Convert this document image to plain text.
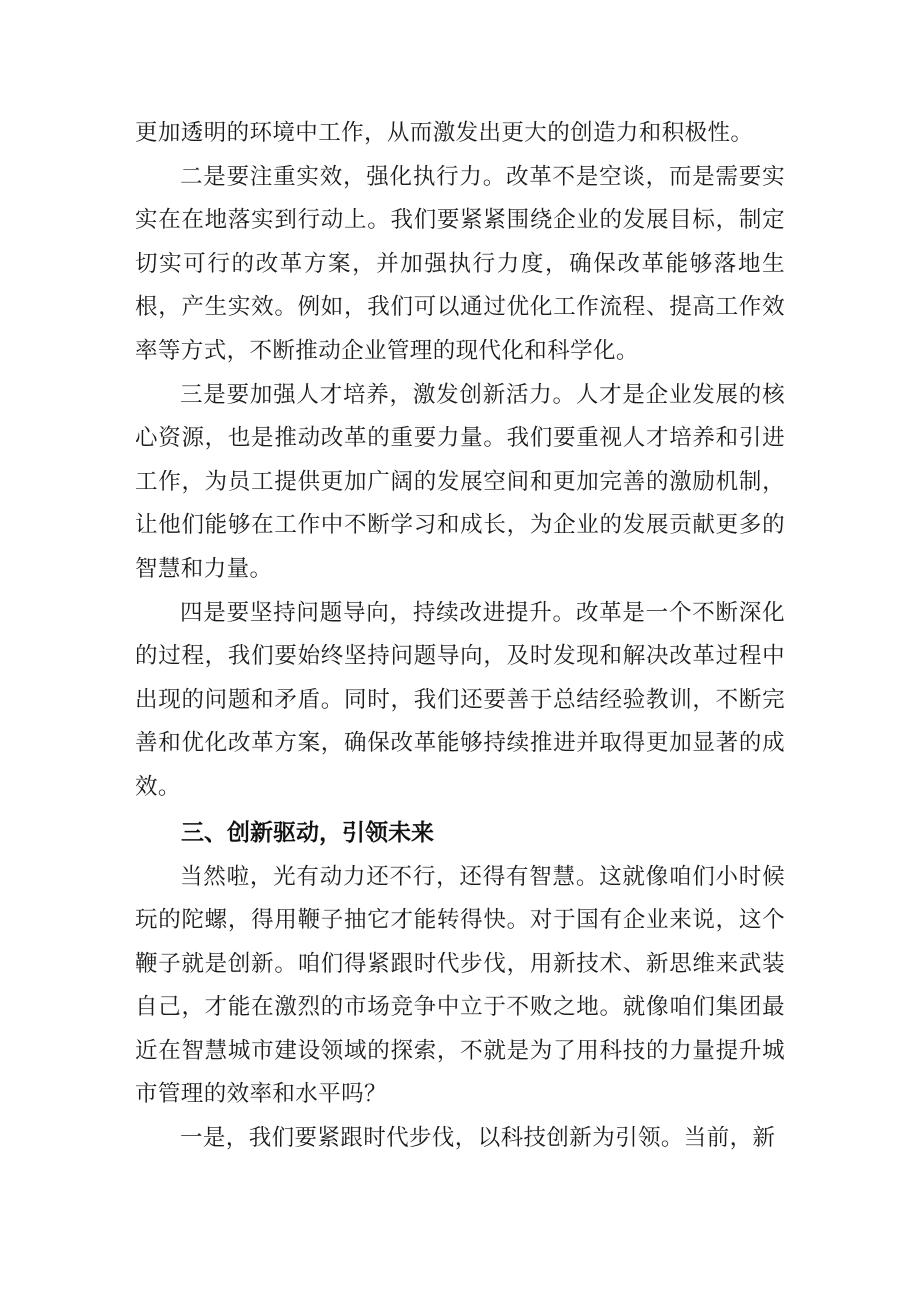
更加透明的环境中工作，从而激发出更大的创造力和积极性。

二是要注重实效，强化执行力。改革不是空谈，而是需要实实在在地落实到行动上。我们要紧紧围绕企业的发展目标，制定切实可行的改革方案，并加强执行力度，确保改革能够落地生根，产生实效。例如，我们可以通过优化工作流程、提高工作效率等方式，不断推动企业管理的现代化和科学化。

三是要加强人才培养，激发创新活力。人才是企业发展的核心资源，也是推动改革的重要力量。我们要重视人才培养和引进工作，为员工提供更加广阔的发展空间和更加完善的激励机制，让他们能够在工作中不断学习和成长，为企业的发展贡献更多的智慧和力量。

四是要坚持问题导向，持续改进提升。改革是一个不断深化的过程，我们要始终坚持问题导向，及时发现和解决改革过程中出现的问题和矛盾。同时，我们还要善于总结经验教训，不断完善和优化改革方案，确保改革能够持续推进并取得更加显著的成效。

三、创新驱动，引领未来

当然啦，光有动力还不行，还得有智慧。这就像咱们小时候玩的陀螺，得用鞭子抽它才能转得快。对于国有企业来说，这个鞭子就是创新。咱们得紧跟时代步伐，用新技术、新思维来武装自己，才能在激烈的市场竞争中立于不败之地。就像咱们集团最近在智慧城市建设领域的探索，不就是为了用科技的力量提升城市管理的效率和水平吗？

一是，我们要紧跟时代步伐，以科技创新为引领。当前，新
